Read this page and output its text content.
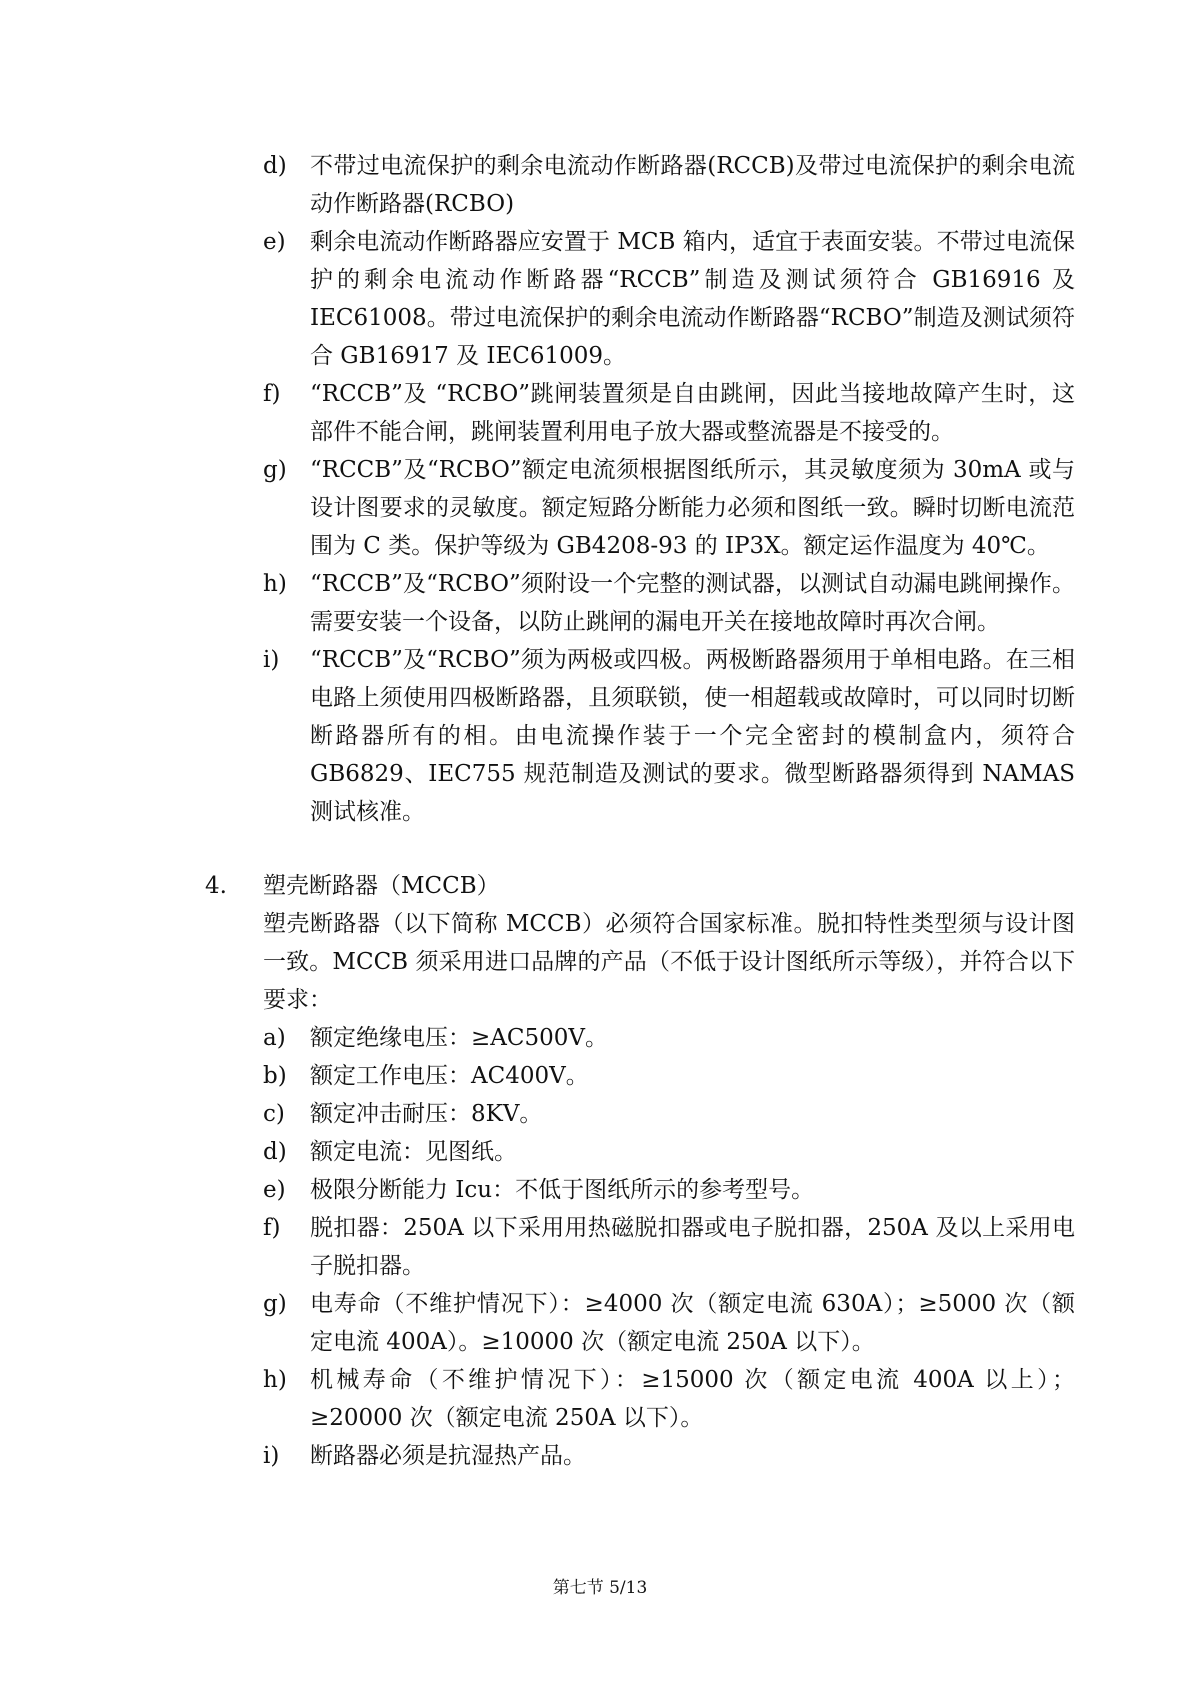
d) 不带过电流保护的剩余电流动作断路器(RCCB)及带过电流保护的剩余电流动作断路器(RCBO)
e) 剩余电流动作断路器应安置于 MCB 箱内，适宜于表面安装。不带过电流保护的剩余电流动作断路器“RCCB”制造及测试须符合 GB16916 及 IEC61008。带过电流保护的剩余电流动作断路器“RCBO”制造及测试须符合 GB16917 及 IEC61009。
f) “RCCB”及 “RCBO”跳闸装置须是自由跳闸，因此当接地故障产生时，这部件不能合闸，跳闸装置利用电子放大器或整流器是不接受的。
g) “RCCB”及“RCBO”额定电流须根据图纸所示，其灵敏度须为 30mA 或与设计图要求的灵敏度。额定短路分断能力必须和图纸一致。瞬时切断电流范围为 C 类。保护等级为 GB4208-93 的 IP3X。额定运作温度为 40℃。
h) “RCCB”及“RCBO”须附设一个完整的测试器，以测试自动漏电跳闸操作。需要安装一个设备，以防止跳闸的漏电开关在接地故障时再次合闸。
i) “RCCB”及“RCBO”须为两极或四极。两极断路器须用于单相电路。在三相电路上须使用四极断路器，且须联锁，使一相超载或故障时，可以同时切断断路器所有的相。由电流操作装于一个完全密封的模制盒内，须符合 GB6829、IEC755 规范制造及测试的要求。微型断路器须得到 NAMAS 测试核准。
4. 塑壳断路器（MCCB）
塑壳断路器（以下简称 MCCB）必须符合国家标准。脱扣特性类型须与设计图一致。MCCB 须采用进口品牌的产品（不低于设计图纸所示等级），并符合以下要求：
a) 额定绝缘电压：≥AC500V。
b) 额定工作电压：AC400V。
c) 额定冲击耐压：8KV。
d) 额定电流：见图纸。
e) 极限分断能力 Icu：不低于图纸所示的参考型号。
f) 脱扣器：250A 以下采用用热磁脱扣器或电子脱扣器，250A 及以上采用电子脱扣器。
g) 电寿命（不维护情况下）：≥4000 次（额定电流 630A）；≥5000 次（额定电流 400A）。≥10000 次（额定电流 250A 以下）。
h) 机械寿命（不维护情况下）：≥15000 次（额定电流 400A 以上）；≥20000 次（额定电流 250A 以下）。
i) 断路器必须是抗湿热产品。
第七节 5/13
